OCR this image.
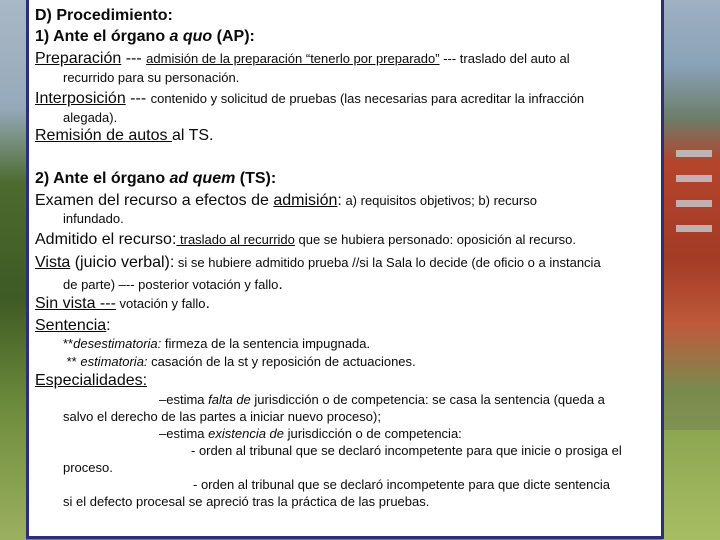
D) Procedimiento:
1) Ante el órgano a quo (AP):
Preparación --- admisión de la preparación “tenerlo por preparado” --- traslado del auto al
recurrido para su personación.
Interposición --- contenido y solicitud de pruebas (las necesarias para acreditar la infracción
alegada).
Remisión de autos al TS.
2) Ante el órgano ad quem (TS):
Examen del recurso a efectos de admisión: a) requisitos objetivos; b) recurso
infundado.
Admitido el recurso: traslado al recurrido que se hubiera personado: oposición al recurso.
Vista (juicio verbal): si se hubiere admitido prueba //si la Sala lo decide (de oficio o a instancia
de parte) –-- posterior votación y fallo.
Sin vista --- votación y fallo.
Sentencia:
**desestimatoria: firmeza de la sentencia impugnada.
** estimatoria: casación de la st y reposición de actuaciones.
Especialidades:
–estima falta de jurisdicción o de competencia: se casa la sentencia (queda a
salvo el derecho de las partes a iniciar nuevo proceso);
–estima existencia de jurisdicción o de competencia:
- orden al tribunal que se declaró incompetente para que inicie o prosiga el
proceso.
- orden al tribunal que se declaró incompetente para que dicte sentencia
si el defecto procesal se apreció tras la práctica de las pruebas.
